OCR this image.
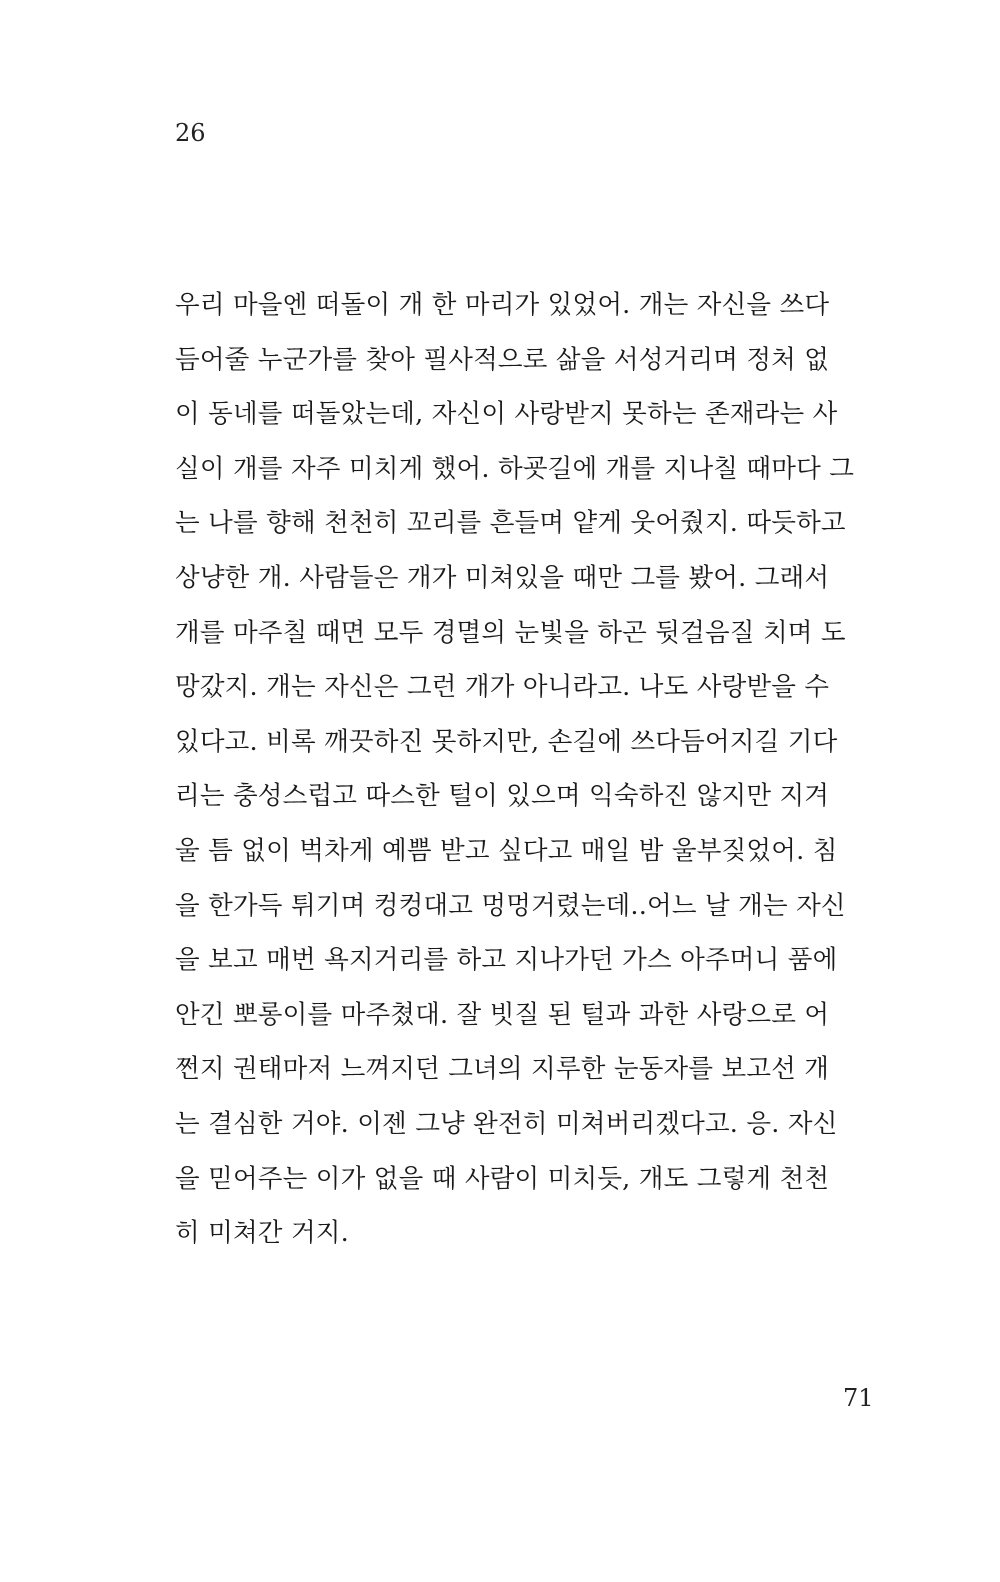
26
우리 마을엔 떠돌이 개 한 마리가 있었어. 개는 자신을 쓰다
듬어줄 누군가를 찾아 필사적으로 삶을 서성거리며 정처 없
이 동네를 떠돌았는데, 자신이 사랑받지 못하는 존재라는 사
실이 개를 자주 미치게 했어. 하굣길에 개를 지나칠 때마다 그
는 나를 향해 천천히 꼬리를 흔들며 얕게 웃어줬지. 따듯하고
상냥한 개. 사람들은 개가 미쳐있을 때만 그를 봤어. 그래서
개를 마주칠 때면 모두 경멸의 눈빛을 하곤 뒷걸음질 치며 도
망갔지. 개는 자신은 그런 개가 아니라고. 나도 사랑받을 수
있다고. 비록 깨끗하진 못하지만, 손길에 쓰다듬어지길 기다
리는 충성스럽고 따스한 털이 있으며 익숙하진 않지만 지겨
울 틈 없이 벅차게 예쁨 받고 싶다고 매일 밤 울부짖었어. 침
을 한가득 튀기며 컹컹대고 멍멍거렸는데..어느 날 개는 자신
을 보고 매번 욕지거리를 하고 지나가던 가스 아주머니 품에
안긴 뽀롱이를 마주쳤대. 잘 빗질 된 털과 과한 사랑으로 어
쩐지 권태마저 느껴지던 그녀의 지루한 눈동자를 보고선 개
는 결심한 거야. 이젠 그냥 완전히 미쳐버리겠다고. 응. 자신
을 믿어주는 이가 없을 때 사람이 미치듯, 개도 그렇게 천천
히 미쳐간 거지.
71
